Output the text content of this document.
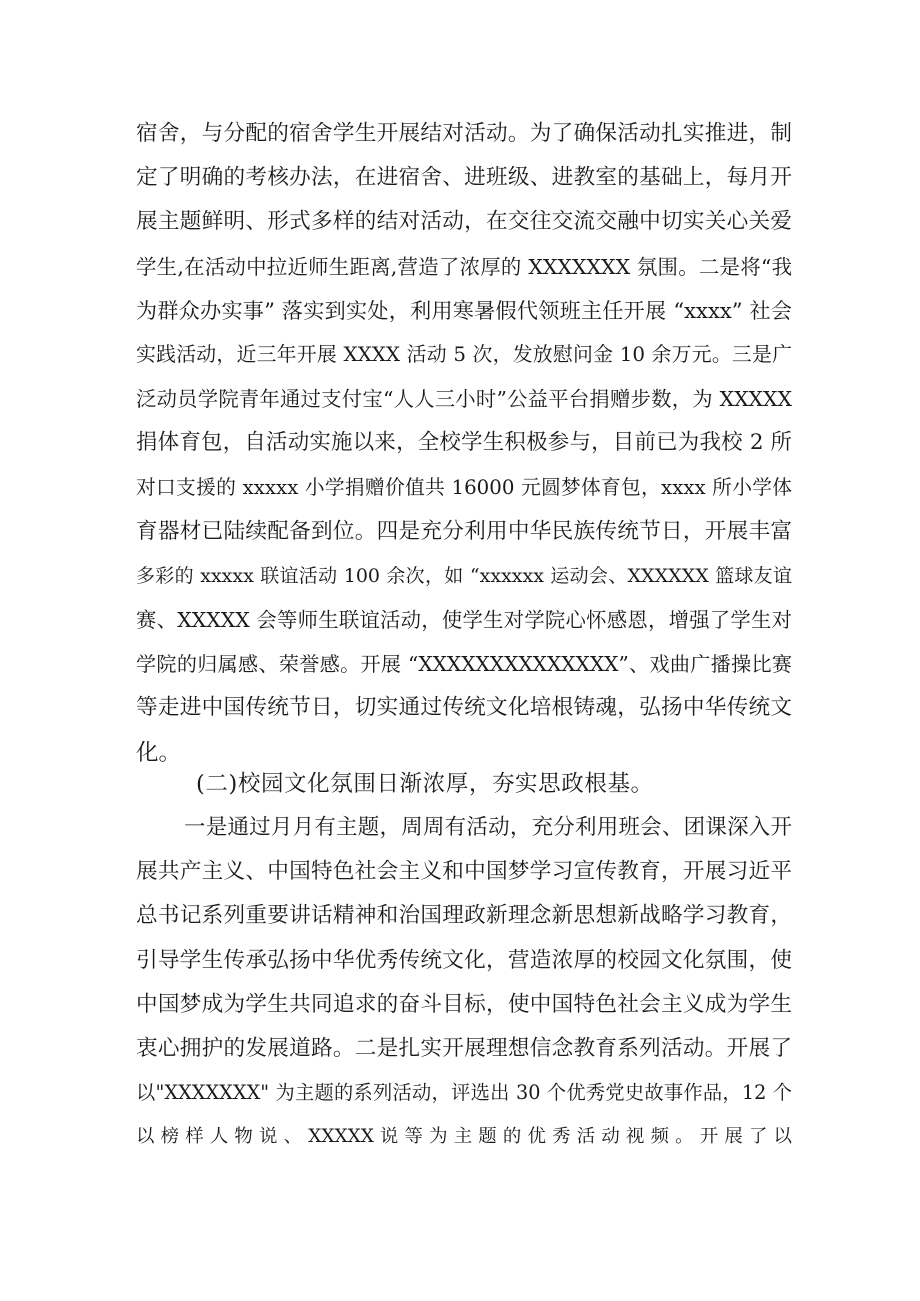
宿舍，与分配的宿舍学生开展结对活动。为了确保活动扎实推进，制
定了明确的考核办法，在进宿舍、进班级、进教室的基础上，每月开
展主题鲜明、形式多样的结对活动，在交往交流交融中切实关心关爱
学生,在活动中拉近师生距离,营造了浓厚的 XXXXXXX 氛围。二是将“我
为群众办实事” 落实到实处，利用寒暑假代领班主任开展 “xxxx” 社会
实践活动，近三年开展 XXXX 活动 5 次，发放慰问金 10 余万元。三是广
泛动员学院青年通过支付宝“人人三小时”公益平台捐赠步数，为 XXXXX
捐体育包，自活动实施以来，全校学生积极参与，目前已为我校 2 所
对口支援的 xxxxx 小学捐赠价值共 16000 元圆梦体育包，xxxx 所小学体
育器材已陆续配备到位。四是充分利用中华民族传统节日，开展丰富
多彩的 xxxxx 联谊活动 100 余次，如 “xxxxxx 运动会、XXXXXX 篮球友谊
赛、XXXXX 会等师生联谊活动，使学生对学院心怀感恩，增强了学生对
学院的归属感、荣誉感。开展 “XXXXXXXXXXXXXX”、戏曲广播操比赛
等走进中国传统节日，切实通过传统文化培根铸魂，弘扬中华传统文
化。
(二)校园文化氛围日渐浓厚，夯实思政根基。
一是通过月月有主题，周周有活动，充分利用班会、团课深入开
展共产主义、中国特色社会主义和中国梦学习宣传教育，开展习近平
总书记系列重要讲话精神和治国理政新理念新思想新战略学习教育，
引导学生传承弘扬中华优秀传统文化，营造浓厚的校园文化氛围，使
中国梦成为学生共同追求的奋斗目标，使中国特色社会主义成为学生
衷心拥护的发展道路。二是扎实开展理想信念教育系列活动。开展了
以"XXXXXXX" 为主题的系列活动，评选出 30 个优秀党史故事作品，12 个
以 榜 样 人 物 说 、 XXXXX 说 等 为 主 题 的 优 秀 活 动 视 频 。 开 展 了 以
